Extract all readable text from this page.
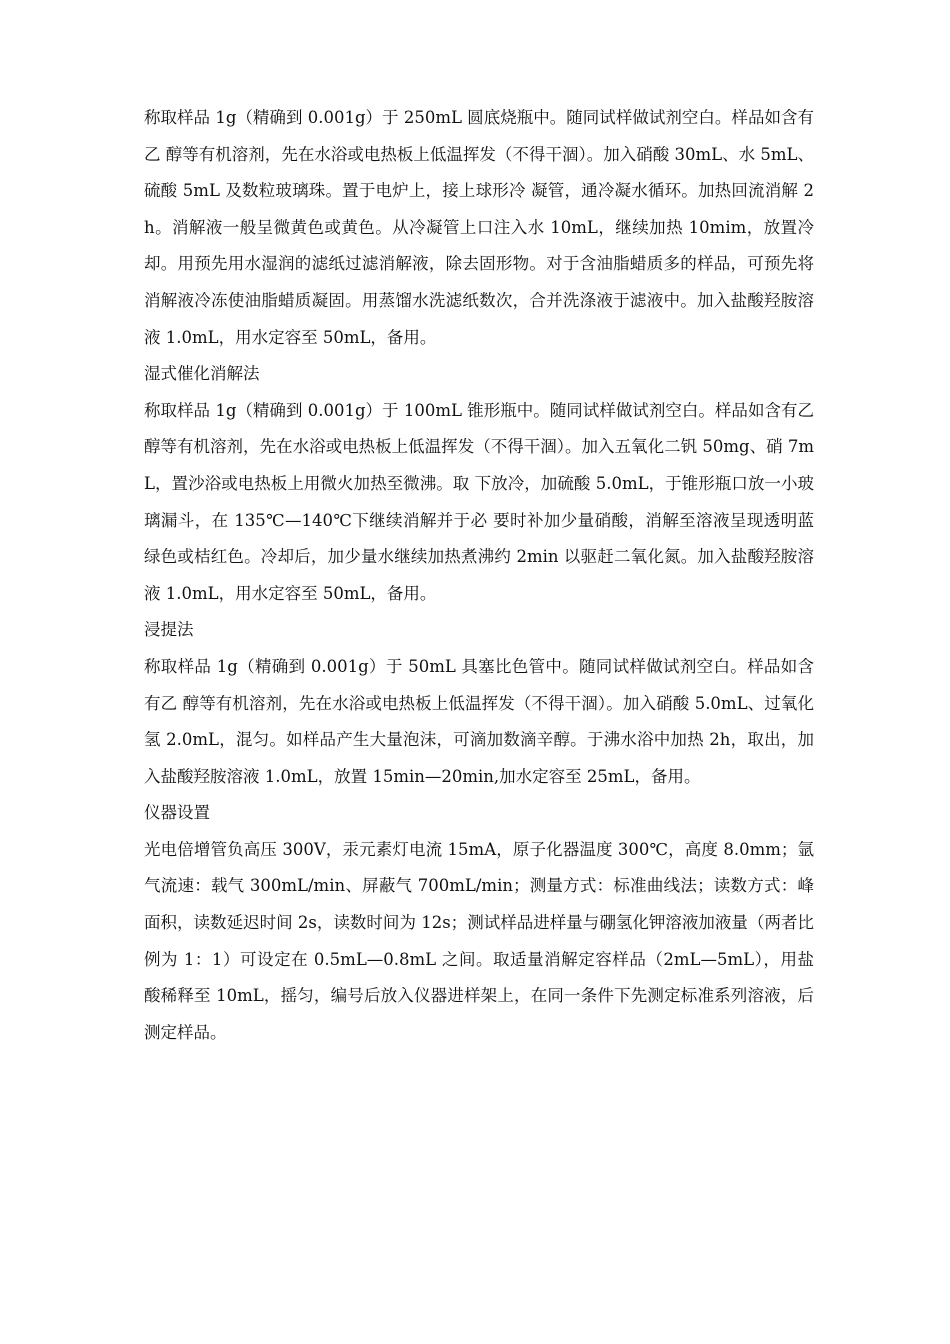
称取样品 1g（精确到 0.001g）于 250mL 圆底烧瓶中。随同试样做试剂空白。样品如含有乙 醇等有机溶剂，先在水浴或电热板上低温挥发（不得干涸）。加入硝酸 30mL、水 5mL、硫酸 5mL 及数粒玻璃珠。置于电炉上，接上球形冷 凝管，通冷凝水循环。加热回流消解 2h。消解液一般呈微黄色或黄色。从冷凝管上口注入水 10mL，继续加热 10mim，放置冷却。用预先用水湿润的滤纸过滤消解液，除去固形物。对于含油脂蜡质多的样品，可预先将消解液冷冻使油脂蜡质凝固。用蒸馏水洗滤纸数次，合并洗涤液于滤液中。加入盐酸羟胺溶液 1.0mL，用水定容至 50mL，备用。

湿式催化消解法

称取样品 1g（精确到 0.001g）于 100mL 锥形瓶中。随同试样做试剂空白。样品如含有乙醇等有机溶剂，先在水浴或电热板上低温挥发（不得干涸）。加入五氧化二钒 50mg、硝 7mL，置沙浴或电热板上用微火加热至微沸。取 下放冷，加硫酸 5.0mL，于锥形瓶口放一小玻璃漏斗，在 135℃—140℃下继续消解并于必 要时补加少量硝酸，消解至溶液呈现透明蓝绿色或桔红色。冷却后，加少量水继续加热煮沸约 2min 以驱赶二氧化氮。加入盐酸羟胺溶液 1.0mL，用水定容至 50mL，备用。

浸提法

称取样品 1g（精确到 0.001g）于 50mL 具塞比色管中。随同试样做试剂空白。样品如含有乙 醇等有机溶剂，先在水浴或电热板上低温挥发（不得干涸）。加入硝酸 5.0mL、过氧化氢 2.0mL，混匀。如样品产生大量泡沫，可滴加数滴辛醇。于沸水浴中加热 2h，取出，加入盐酸羟胺溶液 1.0mL，放置 15min—20min,加水定容至 25mL，备用。

仪器设置

光电倍增管负高压 300V，汞元素灯电流 15mA，原子化器温度 300℃，高度 8.0mm；氩气流速：载气 300mL/min、屏蔽气 700mL/min；测量方式：标准曲线法；读数方式：峰面积，读数延迟时间 2s，读数时间为 12s；测试样品进样量与硼氢化钾溶液加液量（两者比例为 1：1）可设定在 0.5mL—0.8mL 之间。取适量消解定容样品（2mL—5mL），用盐酸稀释至 10mL，摇匀，编号后放入仪器进样架上，在同一条件下先测定标准系列溶液，后测定样品。
